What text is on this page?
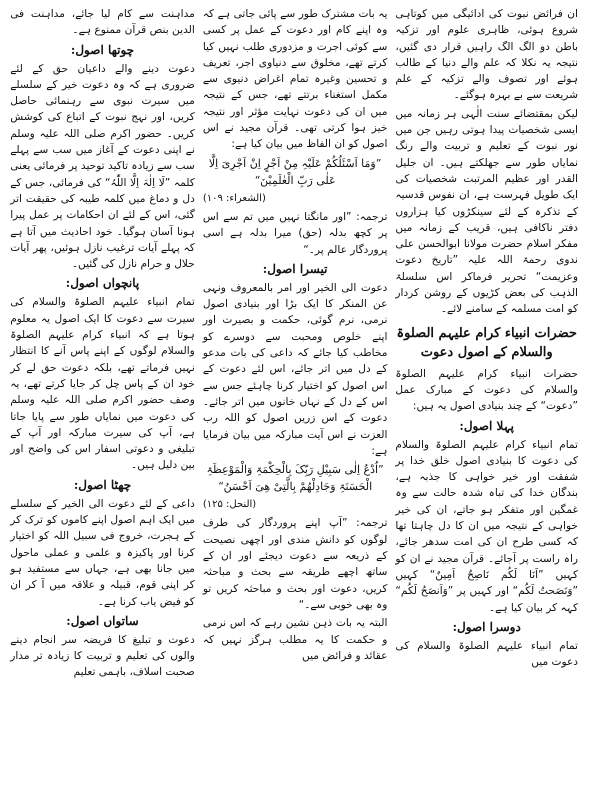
ان فرائض نبوت کی ادائیگی میں کوتاہی شروع ہوئی، ظاہری علوم اور تزکیہ باطن دو الگ الگ راہیں قرار دی گئیں، نتیجہ یہ نکلا کہ علم والے دنیا کے طالب ہوئے اور تصوف والے تزکیہ کے علم شریعت سے بے بہرہ ہوگئے۔

لیکن بمقتضائے سنت الٰہی ہر زمانہ میں ایسی شخصیات پیدا ہوتی رہیں جن میں نور نبوت کے تعلیم و تربیت والے رنگ نمایاں طور سے جھلکتے ہیں۔ ان جلیل القدر اور عظیم المرتبت شخصیات کی ایک طویل فہرست ہے، ان نفوس قدسیہ کے تذکرہ کے لئے سینکڑوں کیا ہزاروں دفتر ناکافی ہیں، قریب کے زمانہ میں مفکر اسلام حضرت مولانا ابوالحسن علی ندوی رحمۃ اللہ علیہ ”تاریخ دعوت وعزیمت“ تحریر فرماکر اس سلسلۃ الذہب کی بعض کڑیوں کے روشن کردار کو امت مسلمہ کے سامنے لائے۔

حضرات انبیاء کرام علیہم الصلوۃ والسلام کے اصول دعوت

حضرات انبیاء کرام علیہم الصلوۃ والسلام کی دعوت کے مبارک عمل ”دعوت“ کے چند بنیادی اصول یہ ہیں:

پہلا اصول:

تمام انبیاء کرام علیہم الصلوۃ والسلام کی دعوت کا بنیادی اصول خلق خدا پر شفقت اور خیر خواہی کا جذبہ ہے، بندگان خدا کی تباہ شدہ حالت سے وہ غمگین اور متفکر ہو جاتے، ان کی خیر خواہی کے نتیجہ میں ان کا دل چاہتا تھا کہ کسی طرح ان کی امت سدھر جائے، راہ راست پر آجائے۔ قرآن مجید نے ان کو کہیں ”اَنَا لَکُم نَاصِحٌ اَمِینٌ“ کہیں ”وَنَصَحتُ لَکُم“ اور کہیں پر ”وَاَنصَحُ لَکُم“ کہہ کر بیان کیا ہے۔

دوسرا اصول:

تمام انبیاء علیہم الصلوۃ والسلام کی دعوت میں

یہ بات مشترک طور سے پائی جاتی ہے کہ وہ اپنے کام اور دعوت کے عمل پر کسی سے کوئی اجرت و مزدوری طلب نہیں کیا کرتے تھے، مخلوق سے دنیاوی اجر، تعریف و تحسین وغیرہ تمام اغراض دنیوی سے مکمل استغناء برتتے تھے، جس کے نتیجہ میں ان کی دعوت نہایت مؤثر اور نتیجہ خیز ہوا کرتی تھی۔ قرآن مجید نے اس اصول کو ان الفاظ میں بیان کیا ہے:

”وَمَا اَسْئَلُکُمْ عَلَیْہِ مِنْ اَجْرٍ اِنْ اَجْرِیَ اِلَّا عَلٰی رَبِّ الْعٰلَمِیْنَ“

(الشعراء: ۱۰۹)

ترجمہ: ”اور مانگتا نہیں میں تم سے اس پر کچھ بدلہ (حق) میرا بدلہ ہے اسی پروردگار عالم پر۔“

تیسرا اصول:

دعوت الی الخیر اور امر بالمعروف ونہی عن المنکر کا ایک بڑا اور بنیادی اصول نرمی، نرم گوئی، حکمت و بصیرت اور اپنے خلوص ومحبت سے دوسرے کو مخاطب کیا جائے کہ داعی کی بات مدعو کے دل میں اتر جائے، اس لئے دعوت کے اس اصول کو اختیار کرنا چاہئے جس سے اس کے دل کے نہاں خانوں میں اتر جائے۔ دعوت کے اس زریں اصول کو اللہ رب العزت نے اس آیت مبارکہ میں بیان فرمایا ہے:

”اُدْعُ اِلٰی سَبِیْلِ رَبِّکَ بِالْحِکْمَۃِ وَالْمَوْعِظَۃِ الْحَسَنَۃِ وَجَادِلْھُمْ بِالَّتِیْ ھِیَ اَحْسَنُ“

(النحل: ۱۲۵)

ترجمہ: ”آپ اپنے پروردگار کی طرف لوگوں کو دانش مندی اور اچھی نصیحت کے ذریعہ سے دعوت دیجئے اور ان کے ساتھ اچھے طریقہ سے بحث و مباحثہ کریں، دعوت اور بحث و مباحثہ کریں تو وہ بھی خوبی سے۔“

البتہ یہ بات ذہن نشین رہے کہ اس نرمی و حکمت کا یہ مطلب ہرگز نہیں کہ عقائد و فرائض میں

مداہنت سے کام لیا جائے، مداہنت فی الدین بنص قرآن ممنوع ہے۔

چوتھا اصول:

دعوت دینے والے داعیان حق کے لئے ضروری ہے کہ وہ دعوت خیر کے سلسلے میں سیرت نبوی سے رہنمائی حاصل کریں، اور نہج نبوت کے اتباع کی کوشش کریں۔ حضور اکرم صلی اللہ علیہ وسلم نے اپنی دعوت کے آغاز میں سب سے پہلے سب سے زیادہ تاکید توحید پر فرمائی یعنی کلمہ ”لَا اِلٰہَ اِلَّا اللّٰہُ“ کی فرمائی، جس کے دل و دماغ میں کلمہ طیبہ کی حقیقت اتر گئی، اس کے لئے ان احکامات پر عمل پیرا ہونا آسان ہوگیا۔ خود احادیث میں آتا ہے کہ پہلے آیات ترغیب نازل ہوئیں، پھر آیات حلال و حرام نازل کی گئیں۔

پانچواں اصول:

تمام انبیاء علیہم الصلوۃ والسلام کی سیرت سے دعوت کا ایک اصول یہ معلوم ہوتا ہے کہ انبیاء کرام علیہم الصلوۃ والسلام لوگوں کے اپنے پاس آنے کا انتظار نہیں فرماتے تھے، بلکہ دعوت حق لے کر خود ان کے پاس چل کر جایا کرتے تھے، یہ وصف حضور اکرم صلی اللہ علیہ وسلم کی دعوت میں نمایاں طور سے پایا جاتا ہے، آپ کی سیرت مبارکہ اور آپ کے تبلیغی و دعوتی اسفار اس کی واضح اور بین دلیل ہیں۔

چھٹا اصول:

داعی کے لئے دعوت الی الخیر کے سلسلے میں ایک اہم اصول اپنے کاموں کو ترک کر کے ہجرت، خروج فی سبیل اللہ کو اختیار کرنا اور پاکیزہ و علمی و عملی ماحول میں جانا بھی ہے، جہاں سے مستفید ہو کر اپنی قوم، قبیلہ و علاقہ میں آ کر ان کو فیض یاب کرنا ہے۔

ساتواں اصول:

دعوت و تبلیغ کا فریضہ سر انجام دینے والوں کی تعلیم و تربیت کا زیادہ تر مدار صحبت اسلاف، باہمی تعلیم
